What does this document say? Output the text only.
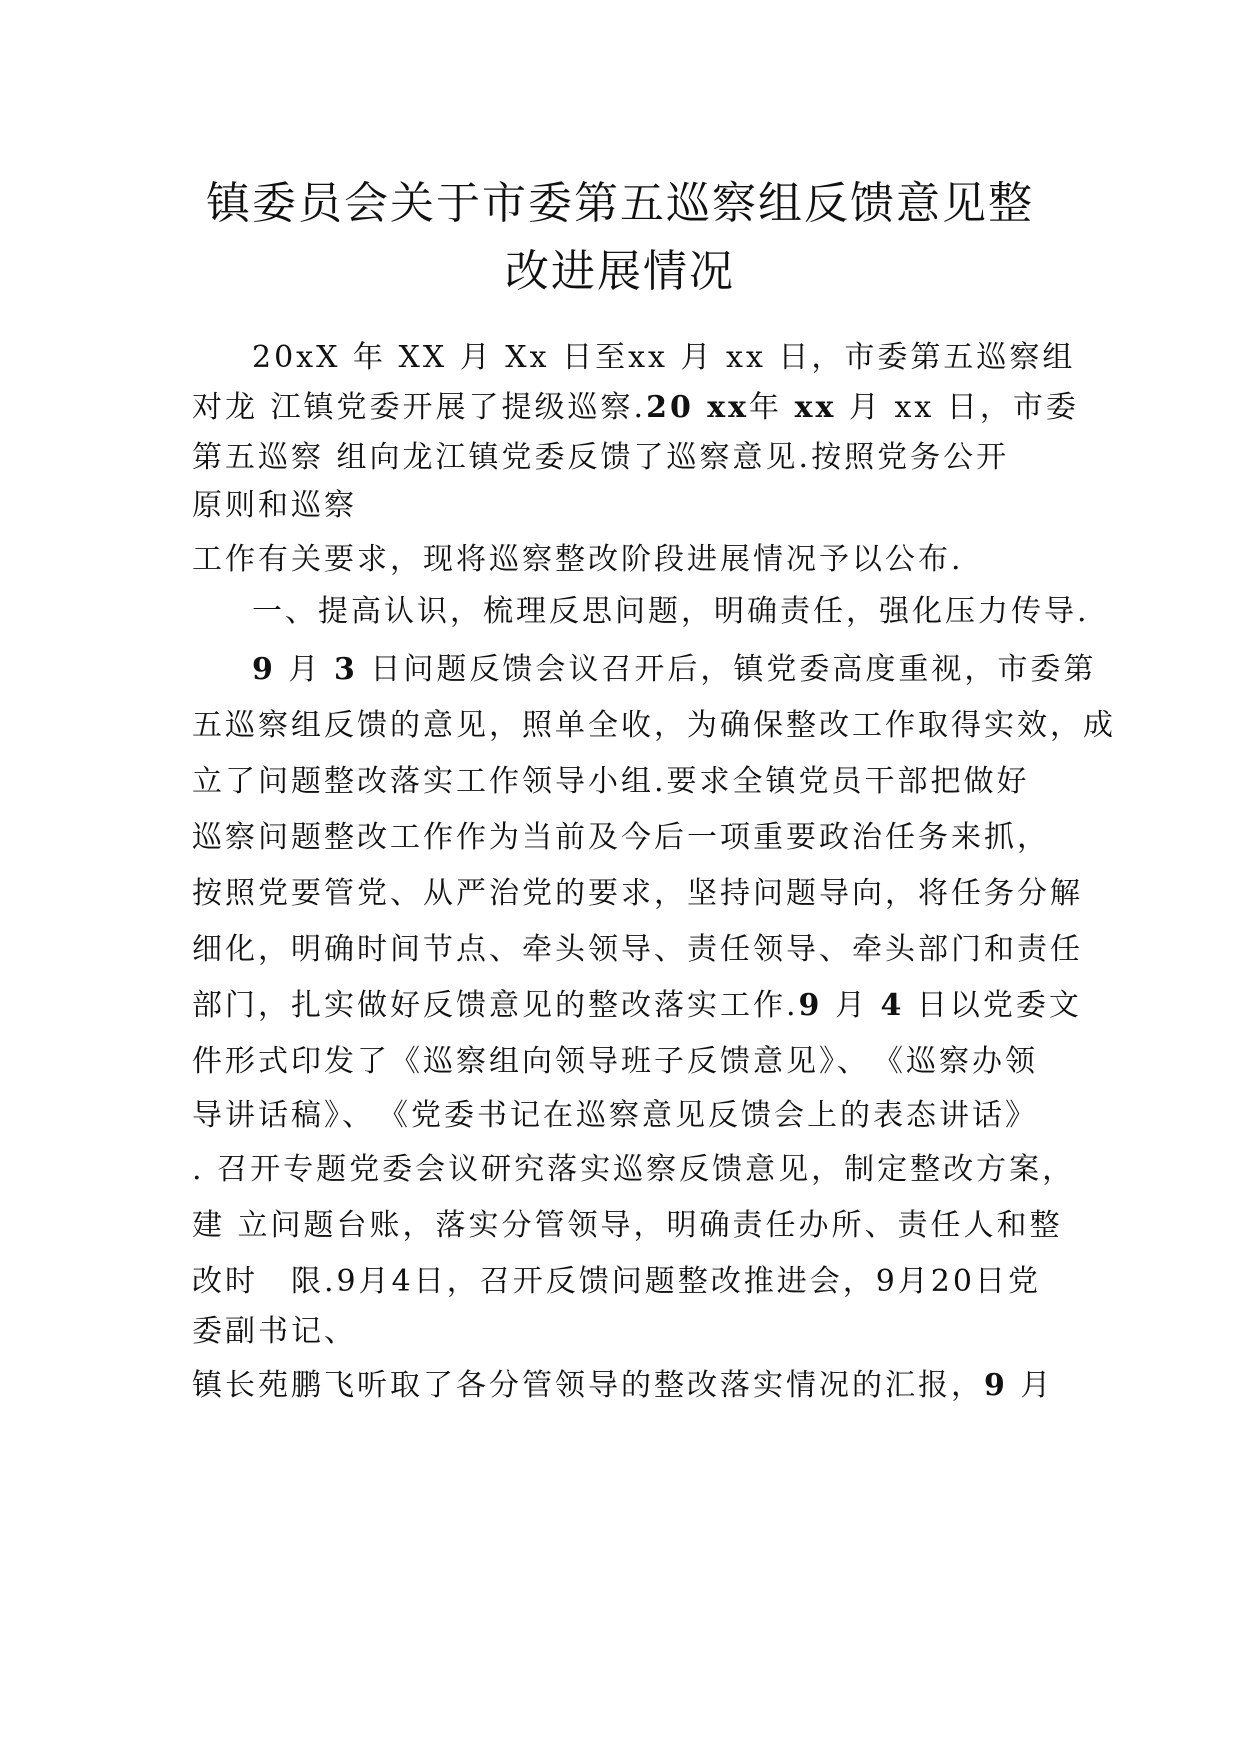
镇委员会关于市委第五巡察组反馈意见整
改进展情况

20xX 年 XX 月 Xx 日至xx 月 xx 日，市委第五巡察组

对龙 江镇党委开展了提级巡察.20 xx年 xx 月 xx 日，市委

第五巡察 组向龙江镇党委反馈了巡察意见.按照党务公开

原则和巡察

工作有关要求，现将巡察整改阶段进展情况予以公布.

一、提高认识，梳理反思问题，明确责任，强化压力传导.

9 月 3 日问题反馈会议召开后，镇党委高度重视，市委第

五巡察组反馈的意见，照单全收，为确保整改工作取得实效，成

立了问题整改落实工作领导小组.要求全镇党员干部把做好

巡察问题整改工作作为当前及今后一项重要政治任务来抓，

按照党要管党、从严治党的要求，坚持问题导向，将任务分解

细化，明确时间节点、牵头领导、责任领导、牵头部门和责任

部门，扎实做好反馈意见的整改落实工作.9 月 4 日以党委文

件形式印发了《巡察组向领导班子反馈意见》、　《巡察办领

导讲话稿》、　《党委书记在巡察意见反馈会上的表态讲话》

. 召开专题党委会议研究落实巡察反馈意见，制定整改方案，

建 立问题台账，落实分管领导，明确责任办所、责任人和整

改时　限.9月4日，召开反馈问题整改推进会，9月20日党

委副书记、

镇长苑鹏飞听取了各分管领导的整改落实情况的汇报，9 月
